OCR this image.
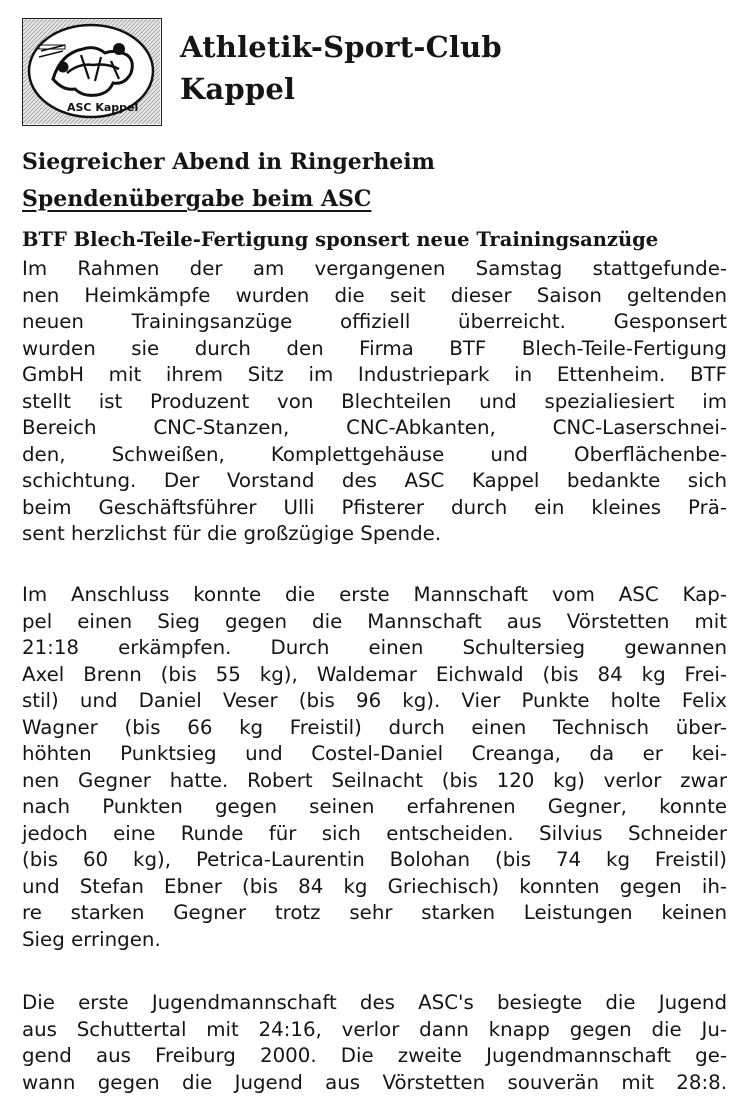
ASC Kappel
Athletik-Sport-Club
Kappel
Siegreicher Abend in Ringerheim
Spendenübergabe beim ASC
BTF Blech-Teile-Fertigung sponsert neue Trainingsanzüge
Im Rahmen der am vergangenen Samstag stattgefunde-
nen Heimkämpfe wurden die seit dieser Saison geltenden
neuen Trainingsanzüge offiziell überreicht. Gesponsert
wurden sie durch den Firma BTF Blech-Teile-Fertigung
GmbH mit ihrem Sitz im Industriepark in Ettenheim. BTF
stellt ist Produzent von Blechteilen und spezialiesiert im
Bereich CNC-Stanzen, CNC-Abkanten, CNC-Laserschnei-
den, Schweißen, Komplettgehäuse und Oberflächenbe-
schichtung. Der Vorstand des ASC Kappel bedankte sich
beim Geschäftsführer Ulli Pfisterer durch ein kleines Prä-
sent herzlichst für die großzügige Spende.
Im Anschluss konnte die erste Mannschaft vom ASC Kap-
pel einen Sieg gegen die Mannschaft aus Vörstetten mit
21:18 erkämpfen. Durch einen Schultersieg gewannen
Axel Brenn (bis 55 kg), Waldemar Eichwald (bis 84 kg Frei-
stil) und Daniel Veser (bis 96 kg). Vier Punkte holte Felix
Wagner (bis 66 kg Freistil) durch einen Technisch über-
höhten Punktsieg und Costel-Daniel Creanga, da er kei-
nen Gegner hatte. Robert Seilnacht (bis 120 kg) verlor zwar
nach Punkten gegen seinen erfahrenen Gegner, konnte
jedoch eine Runde für sich entscheiden. Silvius Schneider
(bis 60 kg), Petrica-Laurentin Bolohan (bis 74 kg Freistil)
und Stefan Ebner (bis 84 kg Griechisch) konnten gegen ih-
re starken Gegner trotz sehr starken Leistungen keinen
Sieg erringen.
Die erste Jugendmannschaft des ASC's besiegte die Jugend
aus Schuttertal mit 24:16, verlor dann knapp gegen die Ju-
gend aus Freiburg 2000. Die zweite Jugendmannschaft ge-
wann gegen die Jugend aus Vörstetten souverän mit 28:8.
